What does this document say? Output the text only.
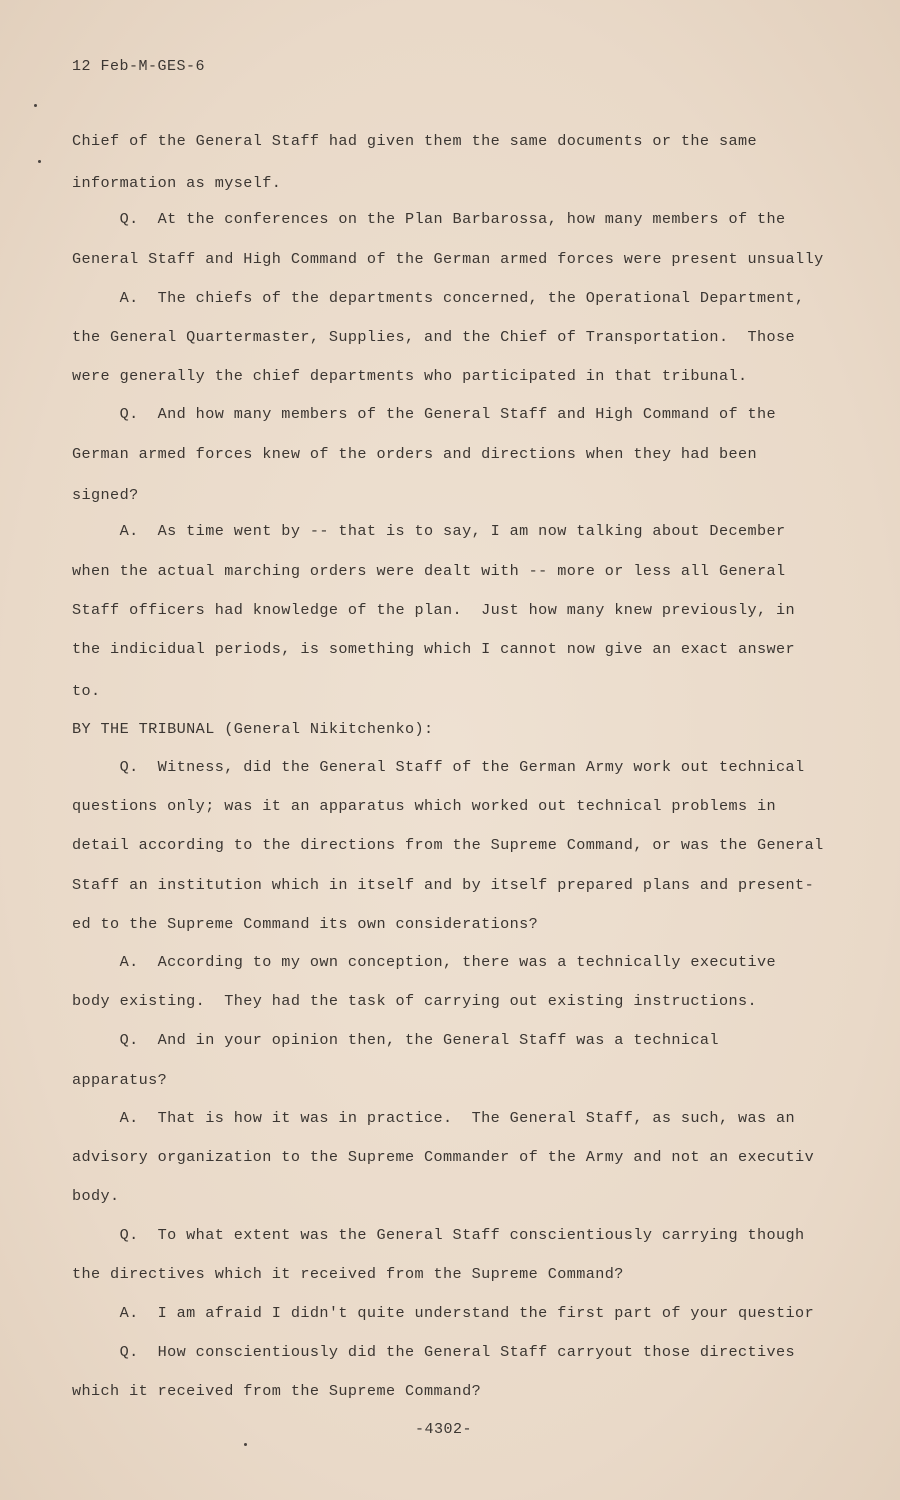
12 Feb-M-GES-6
Chief of the General Staff had given them the same documents or the same
information as myself.
Q.  At the conferences on the Plan Barbarossa, how many members of the
General Staff and High Command of the German armed forces were present unsually
A.  The chiefs of the departments concerned, the Operational Department,
the General Quartermaster, Supplies, and the Chief of Transportation.  Those
were generally the chief departments who participated in that tribunal.
Q.  And how many members of the General Staff and High Command of the
German armed forces knew of the orders and directions when they had been
signed?
A.  As time went by -- that is to say, I am now talking about December
when the actual marching orders were dealt with -- more or less all General
Staff officers had knowledge of the plan.  Just how many knew previously, in
the indicidual periods, is something which I cannot now give an exact answer
to.
BY THE TRIBUNAL (General Nikitchenko):
Q.  Witness, did the General Staff of the German Army work out technical
questions only; was it an apparatus which worked out technical problems in
detail according to the directions from the Supreme Command, or was the General
Staff an institution which in itself and by itself prepared plans and present-
ed to the Supreme Command its own considerations?
A.  According to my own conception, there was a technically executive
body existing.  They had the task of carrying out existing instructions.
Q.  And in your opinion then, the General Staff was a technical
apparatus?
A.  That is how it was in practice.  The General Staff, as such, was an
advisory organization to the Supreme Commander of the Army and not an executiv
body.
Q.  To what extent was the General Staff conscientiously carrying though
the directives which it received from the Supreme Command?
A.  I am afraid I didn't quite understand the first part of your questior
Q.  How conscientiously did the General Staff carryout those directives
which it received from the Supreme Command?
-4302-
